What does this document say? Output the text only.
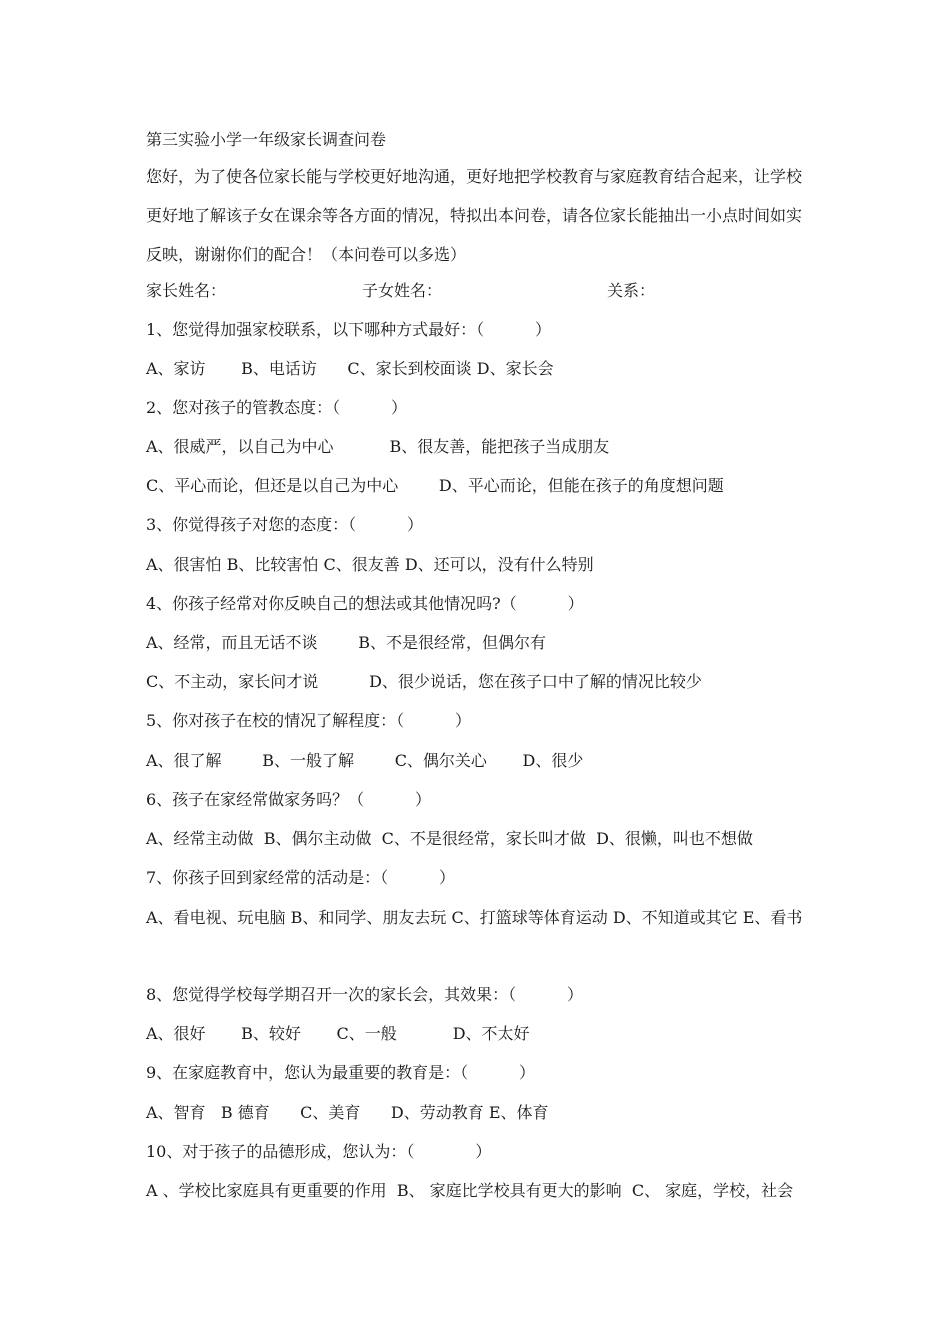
第三实验小学一年级家长调查问卷

您好，为了使各位家长能与学校更好地沟通，更好地把学校教育与家庭教育结合起来，让学校更好地了解该子女在课余等各方面的情况，特拟出本问卷，请各位家长能抽出一小点时间如实反映，谢谢你们的配合！（本问卷可以多选）

家长姓名：	子女姓名：	关系：

1、您觉得加强家校联系，以下哪种方式最好：（          ）

A、家访       B、电话访      C、家长到校面谈 D、家长会

2、您对孩子的管教态度：（          ）

A、很威严，以自己为中心           B、很友善，能把孩子当成朋友

C、平心而论，但还是以自己为中心        D、平心而论，但能在孩子的角度想问题

3、你觉得孩子对您的态度：（          ）

A、很害怕 B、比较害怕 C、很友善 D、还可以，没有什么特别

4、你孩子经常对你反映自己的想法或其他情况吗?（          ）

A、经常，而且无话不谈        B、不是很经常，但偶尔有

C、不主动，家长问才说          D、很少说话，您在孩子口中了解的情况比较少

5、你对孩子在校的情况了解程度：（          ）

A、很了解        B、一般了解        C、偶尔关心       D、很少

6、孩子在家经常做家务吗？（          ）

A、经常主动做  B、偶尔主动做  C、不是很经常，家长叫才做  D、很懒，叫也不想做

7、你孩子回到家经常的活动是：（          ）

A、看电视、玩电脑 B、和同学、朋友去玩 C、打篮球等体育运动 D、不知道或其它 E、看书

8、您觉得学校每学期召开一次的家长会，其效果：（          ）

A、很好       B、较好       C、一般           D、不太好

9、在家庭教育中，您认为最重要的教育是：（          ）

A、智育   B 德育      C、美育      D、劳动教育 E、体育

10、对于孩子的品德形成，您认为：（            ）

A 、学校比家庭具有更重要的作用  B、 家庭比学校具有更大的影响  C、 家庭，学校，社会
